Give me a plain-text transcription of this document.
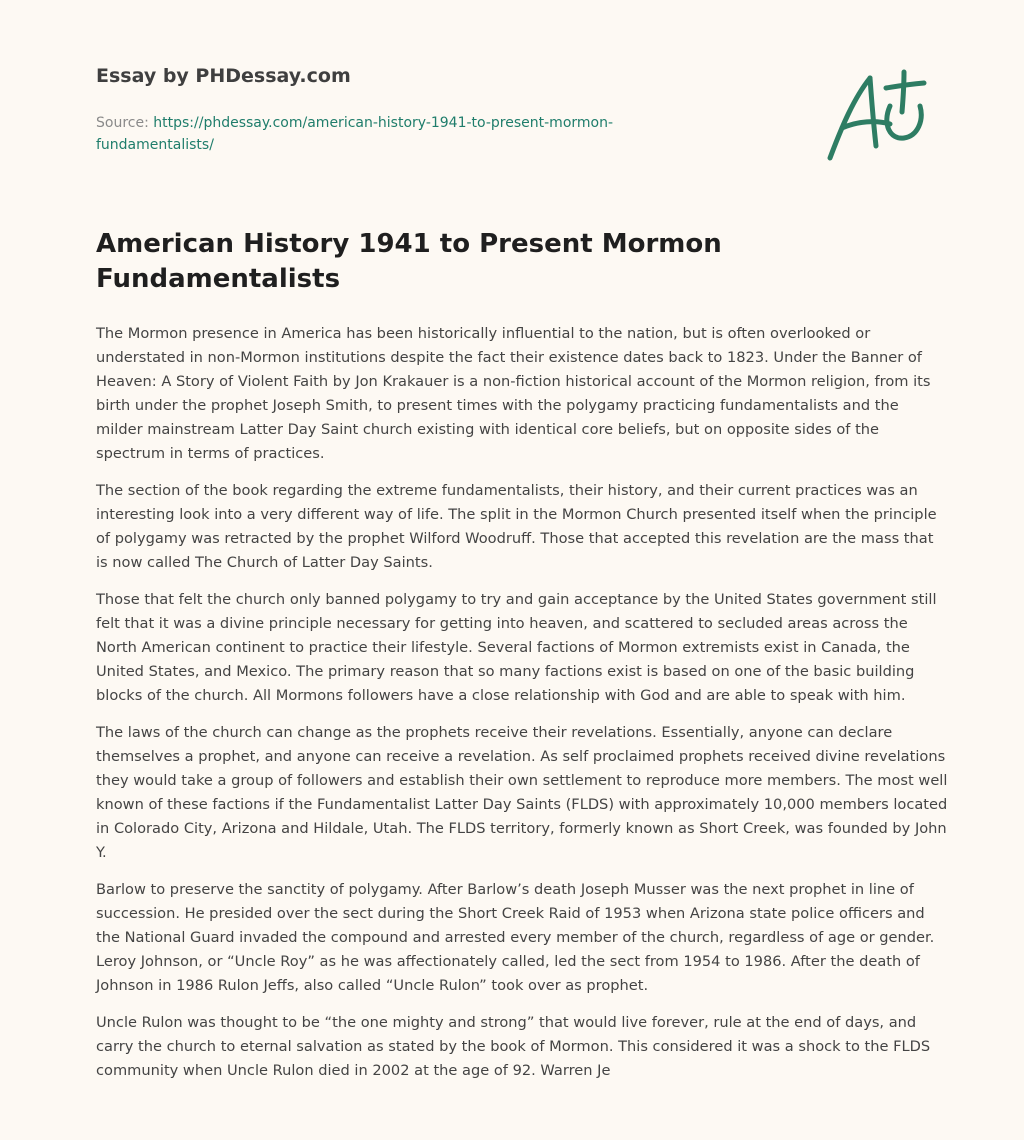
Essay by PHDessay.com
Source: https://phdessay.com/american-history-1941-to-present-mormon-fundamentalists/
American History 1941 to Present Mormon Fundamentalists

The Mormon presence in America has been historically influential to the nation, but is often overlooked or understated in non-Mormon institutions despite the fact their existence dates back to 1823. Under the Banner of Heaven: A Story of Violent Faith by Jon Krakauer is a non-fiction historical account of the Mormon religion, from its birth under the prophet Joseph Smith, to present times with the polygamy practicing fundamentalists and the milder mainstream Latter Day Saint church existing with identical core beliefs, but on opposite sides of the spectrum in terms of practices.

The section of the book regarding the extreme fundamentalists, their history, and their current practices was an interesting look into a very different way of life. The split in the Mormon Church presented itself when the principle of polygamy was retracted by the prophet Wilford Woodruff. Those that accepted this revelation are the mass that is now called The Church of Latter Day Saints.

Those that felt the church only banned polygamy to try and gain acceptance by the United States government still felt that it was a divine principle necessary for getting into heaven, and scattered to secluded areas across the North American continent to practice their lifestyle. Several factions of Mormon extremists exist in Canada, the United States, and Mexico. The primary reason that so many factions exist is based on one of the basic building blocks of the church. All Mormons followers have a close relationship with God and are able to speak with him.

The laws of the church can change as the prophets receive their revelations. Essentially, anyone can declare themselves a prophet, and anyone can receive a revelation. As self proclaimed prophets received divine revelations they would take a group of followers and establish their own settlement to reproduce more members. The most well known of these factions if the Fundamentalist Latter Day Saints (FLDS) with approximately 10,000 members located in Colorado City, Arizona and Hildale, Utah. The FLDS territory, formerly known as Short Creek, was founded by John Y.

Barlow to preserve the sanctity of polygamy. After Barlow’s death Joseph Musser was the next prophet in line of succession. He presided over the sect during the Short Creek Raid of 1953 when Arizona state police officers and the National Guard invaded the compound and arrested every member of the church, regardless of age or gender. Leroy Johnson, or “Uncle Roy” as he was affectionately called, led the sect from 1954 to 1986. After the death of Johnson in 1986 Rulon Jeffs, also called “Uncle Rulon” took over as prophet.

Uncle Rulon was thought to be “the one mighty and strong” that would live forever, rule at the end of days, and carry the church to eternal salvation as stated by the book of Mormon. This considered it was a shock to the FLDS community when Uncle Rulon died in 2002 at the age of 92. Warren Je
